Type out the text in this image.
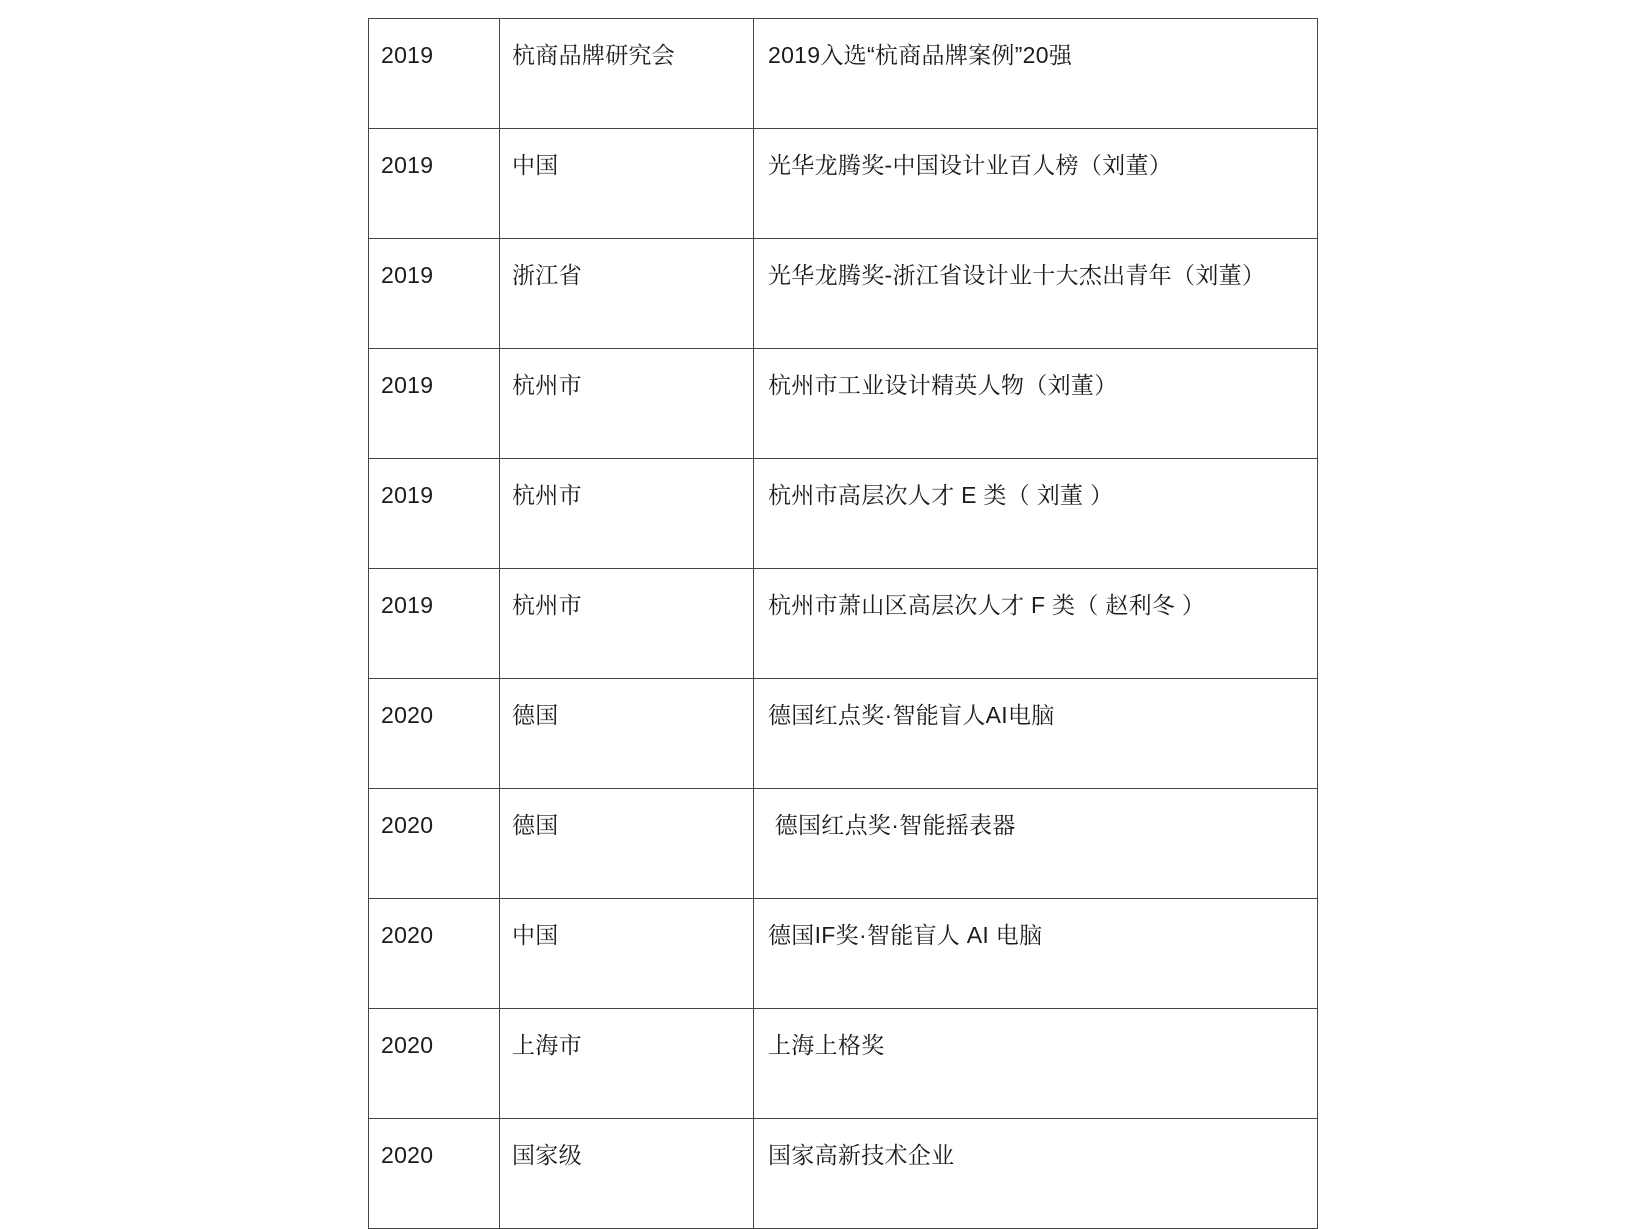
2019	杭商品牌研究会	2019入选“杭商品牌案例”20强
2019	中国	光华龙腾奖-中国设计业百人榜（刘董）
2019	浙江省	光华龙腾奖-浙江省设计业十大杰出青年（刘董）
2019	杭州市	杭州市工业设计精英人物（刘董）
2019	杭州市	杭州市高层次人才 E 类（ 刘董 ）
2019	杭州市	杭州市萧山区高层次人才 F 类（ 赵利冬 ）
2020	德国	德国红点奖·智能盲人AI电脑
2020	德国	德国红点奖·智能摇表器
2020	中国	德国IF奖·智能盲人 AI 电脑
2020	上海市	上海上格奖
2020	国家级	国家高新技术企业
